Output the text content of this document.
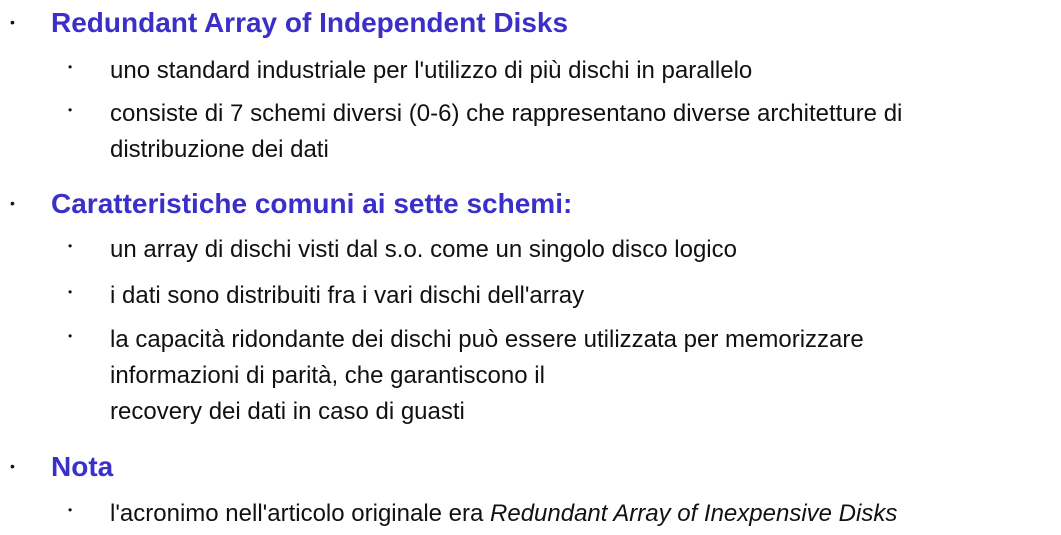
• Redundant Array of Independent Disks
• uno standard industriale per l'utilizzo di più dischi in parallelo
• consiste di 7 schemi diversi (0-6) che rappresentano diverse architetture di
distribuzione dei dati
• Caratteristiche comuni ai sette schemi:
• un array di dischi visti dal s.o. come un singolo disco logico
• i dati sono distribuiti fra i vari dischi dell'array
• la capacità ridondante dei dischi può essere utilizzata per memorizzare
informazioni di parità, che garantiscono il
recovery dei dati in caso di guasti
• Nota
• l'acronimo nell'articolo originale era Redundant Array of Inexpensive Disks
